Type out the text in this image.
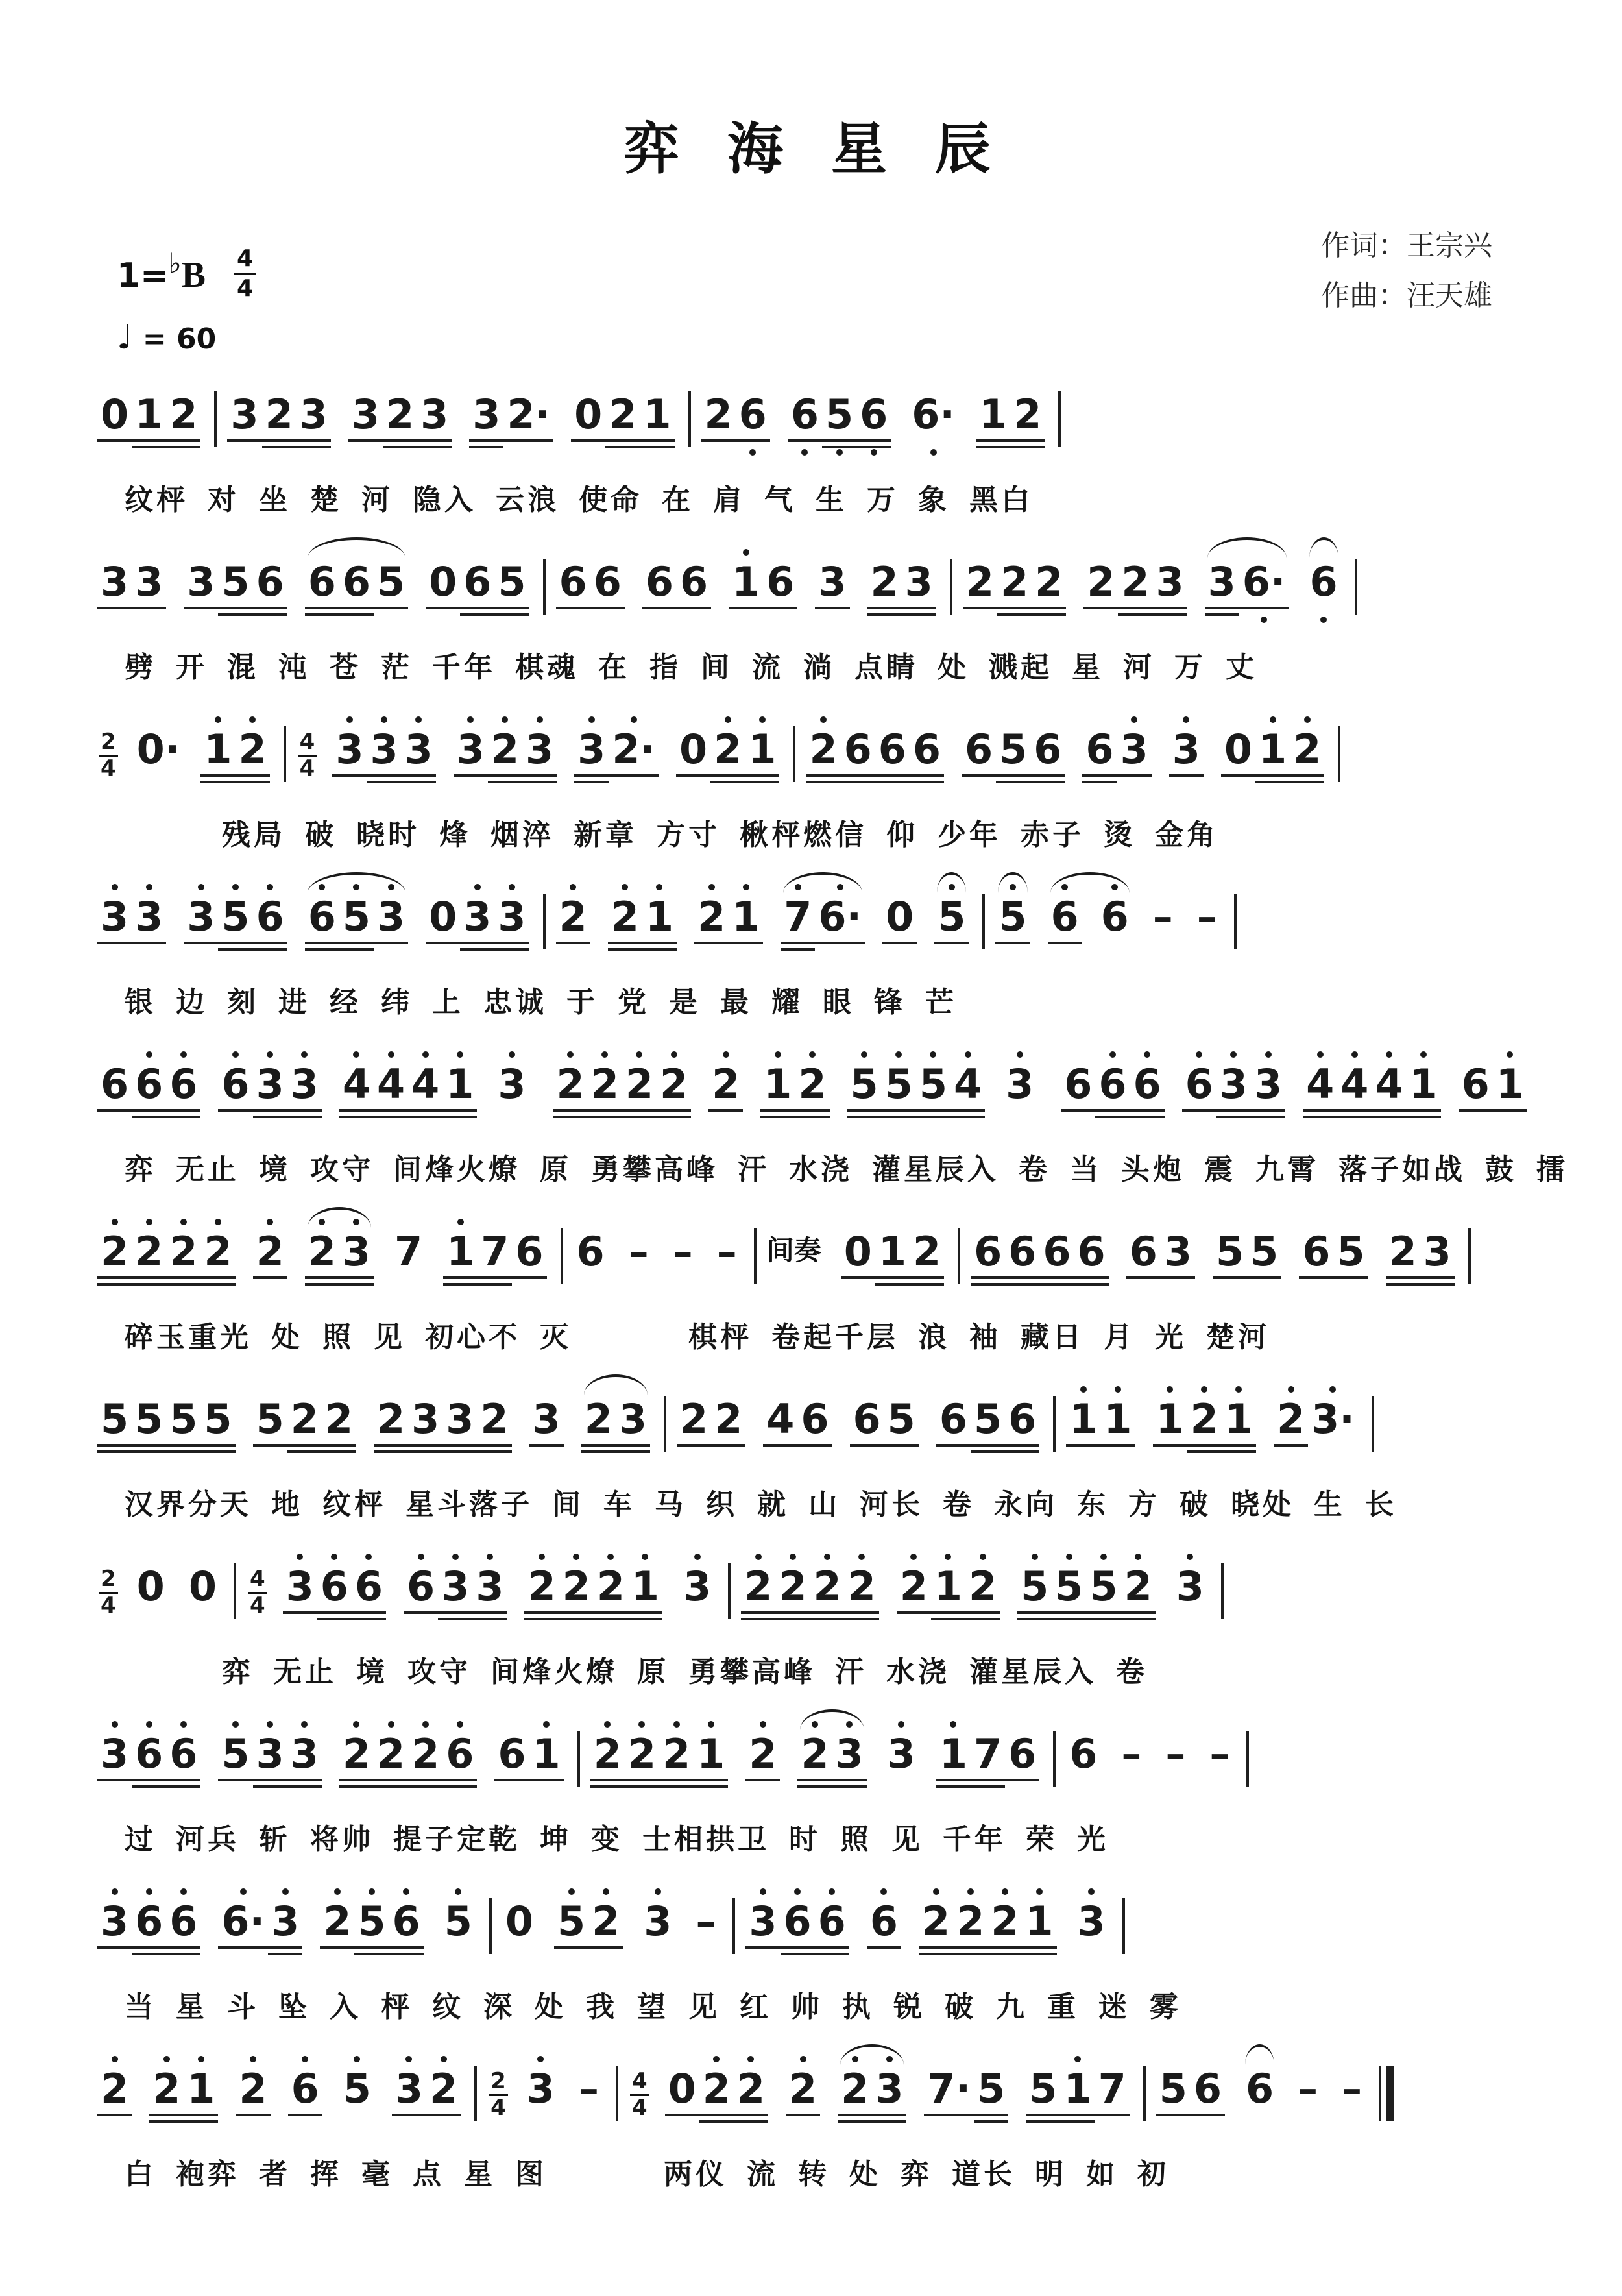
弈 海 星 辰
$1=^♭B \frac{4}{4}$
♩ = 60
作词：王宗兴
作曲：汪天雄
0 1 2 3 2 3 3 2 3 3 2· 0 2 1 2 6 6 5 6 6· 1 2
纹枰 对 坐 楚 河 隐入 云浪 使命 在 肩 气 生 万 象 黑白
3 3 3 5 6 6 6 5 0 6 5 6 6 6 6 1 6 3 2 3 2 2 2 2 2 3 3 6· 6
劈 开 混 沌 苍 茫 千年 棋魂 在 指 间 流 淌 点睛 处 溅起 星 河 万 丈
2
4 0· 1 2 4
4 3 3 3 3 2 3 3 2· 0 2 1 2 6 6 6 6 5 6 6 3 3 0 1 2
残局 破 晓时 烽 烟淬 新章 方寸 楸枰燃信 仰 少年 赤子 烫 金角
3 3 3 5 6 6 5 3 0 3 3 2 2 1 2 1 7 6· 0 5 5 6 6 – –
银 边 刻 进 经 纬 上 忠诚 于 党 是 最 耀 眼 锋 芒
6 6 6 6 3 3 4 4 4 1 3 2 2 2 2 2 1 2 5 5 5 4 3 6 6 6 6 3 3 4 4 4 1 6 1
弈 无止 境 攻守 间烽火燎 原 勇攀高峰 汗 水浇 灌星辰入 卷 当 头炮 震 九霄 落子如战 鼓 擂
2 2 2 2 2 2 3 7 1 7 6 6 – – – 间奏 0 1 2 6 6 6 6 6 3 5 5 6 5 2 3
碎玉重光 处 照 见 初心不 灭	棋枰 卷起千层 浪 袖 藏日 月 光 楚河
5 5 5 5 5 2 2 2 3 3 2 3 2 3 2 2 4 6 6 5 6 5 6 1 1 1 2 1 2 3·
汉界分天 地 纹枰 星斗落子 间 车 马 织 就 山 河长 卷 永向 东 方 破 晓处 生 长
2
4 0 0 4
4 3 6 6 6 3 3 2 2 2 1 3 2 2 2 2 2 1 2 5 5 5 2 3
弈 无止 境 攻守 间烽火燎 原 勇攀高峰 汗 水浇 灌星辰入 卷
3 6 6 5 3 3 2 2 2 6 6 1 2 2 2 1 2 2 3 3 1 7 6 6 – – –
过 河兵 斩 将帅 提子定乾 坤 变 士相拱卫 时 照 见 千年 荣 光
3 6 6 6· 3 2 5 6 5 0 5 2 3 – 3 6 6 6 2 2 2 1 3
当 星 斗 坠 入 枰 纹 深 处 我 望 见 红 帅 执 锐 破 九 重 迷 雾
2 2 1 2 6 5 3 2 2
4 3 – 4
4 0 2 2 2 2 3 7· 5 5 1 7 5 6 6 – –
白 袍弈 者 挥 毫 点 星 图	两仪 流 转 处 弈 道长 明 如 初
